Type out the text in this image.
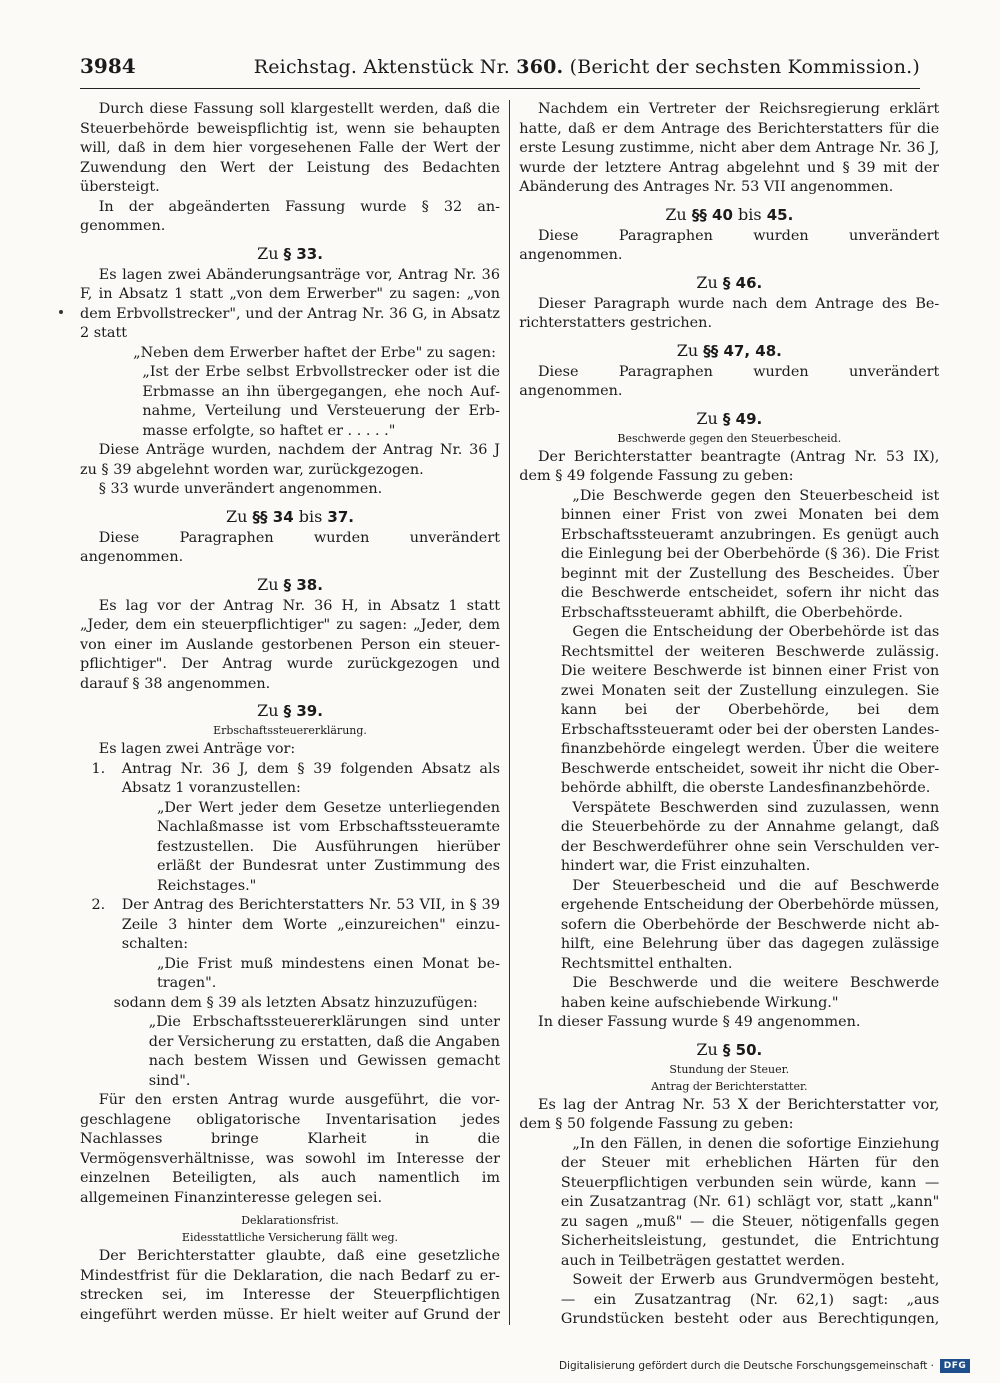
3984	Reichstag. Aktenstück Nr. 360. (Bericht der sechsten Kommission.)

Durch diese Fassung soll klargestellt werden, daß die Steuerbehörde beweispflichtig ist, wenn sie behaupten will, daß in dem hier vorgesehenen Falle der Wert der Zuwendung den Wert der Leistung des Bedachten übersteigt.

In der abgeänderten Fassung wurde § 32 angenommen.

Zu § 33.

Es lagen zwei Abänderungsanträge vor, Antrag Nr. 36 F, in Absatz 1 statt „von dem Erwerber" zu sagen: „von dem Erbvollstrecker", und der Antrag Nr. 36 G, in Absatz 2 statt

„Neben dem Erwerber haftet der Erbe" zu sagen:

„Ist der Erbe selbst Erbvollstrecker oder ist die Erbmasse an ihn übergegangen, ehe noch Aufnahme, Verteilung und Versteuerung der Erbmasse erfolgte, so haftet er . . . . ."

Diese Anträge wurden, nachdem der Antrag Nr. 36 J zu § 39 abgelehnt worden war, zurückgezogen.

§ 33 wurde unverändert angenommen.

Zu §§ 34 bis 37.

Diese Paragraphen wurden unverändert angenommen.

Zu § 38.

Es lag vor der Antrag Nr. 36 H, in Absatz 1 statt „Jeder, dem ein steuerpflichtiger" zu sagen: „Jeder, dem von einer im Auslande gestorbenen Person ein steuerpflichtiger". Der Antrag wurde zurückgezogen und darauf § 38 angenommen.

Zu § 39.
Erbschaftssteuererklärung.

Es lagen zwei Anträge vor:

1.	Antrag Nr. 36 J, dem § 39 folgenden Absatz als Absatz 1 voranzustellen:

„Der Wert jeder dem Gesetze unterliegenden Nachlaßmasse ist vom Erbschaftssteueramte festzustellen. Die Ausführungen hierüber erläßt der Bundesrat unter Zustimmung des Reichstages."

2.	Der Antrag des Berichterstatters Nr. 53 VII, in § 39 Zeile 3 hinter dem Worte „einzureichen" einzuschalten:

„Die Frist muß mindestens einen Monat betragen".

sodann dem § 39 als letzten Absatz hinzuzufügen:

„Die Erbschaftssteuererklärungen sind unter der Versicherung zu erstatten, daß die Angaben nach bestem Wissen und Gewissen gemacht sind".

Für den ersten Antrag wurde ausgeführt, die vorgeschlagene obligatorische Inventarisation jedes Nachlasses bringe Klarheit in die Vermögensverhältnisse, was sowohl im Interesse der einzelnen Beteiligten, als auch namentlich im allgemeinen Finanzinteresse gelegen sei.

Deklarationsfrist.
Eidesstattliche Versicherung fällt weg.

Der Berichterstatter glaubte, daß eine gesetzliche Mindestfrist für die Deklaration, die nach Bedarf zu erstrecken sei, im Interesse der Steuerpflichtigen eingeführt werden müsse. Er hielt weiter auf Grund der

Nachdem ein Vertreter der Reichsregierung erklärt hatte, daß er dem Antrage des Berichterstatters für die erste Lesung zustimme, nicht aber dem Antrage Nr. 36 J, wurde der letztere Antrag abgelehnt und § 39 mit der Abänderung des Antrages Nr. 53 VII angenommen.

Zu §§ 40 bis 45.

Diese Paragraphen wurden unverändert angenommen.

Zu § 46.

Dieser Paragraph wurde nach dem Antrage des Berichterstatters gestrichen.

Zu §§ 47, 48.

Diese Paragraphen wurden unverändert angenommen.

Zu § 49.
Beschwerde gegen den Steuerbescheid.

Der Berichterstatter beantragte (Antrag Nr. 53 IX), dem § 49 folgende Fassung zu geben:

„Die Beschwerde gegen den Steuerbescheid ist binnen einer Frist von zwei Monaten bei dem Erbschaftssteueramt anzubringen. Es genügt auch die Einlegung bei der Oberbehörde (§ 36). Die Frist beginnt mit der Zustellung des Bescheides. Über die Beschwerde entscheidet, sofern ihr nicht das Erbschaftssteueramt abhilft, die Oberbehörde.

Gegen die Entscheidung der Oberbehörde ist das Rechtsmittel der weiteren Beschwerde zulässig. Die weitere Beschwerde ist binnen einer Frist von zwei Monaten seit der Zustellung einzulegen. Sie kann bei der Oberbehörde, bei dem Erbschaftssteueramt oder bei der obersten Landesfinanzbehörde eingelegt werden. Über die weitere Beschwerde entscheidet, soweit ihr nicht die Oberbehörde abhilft, die oberste Landesfinanzbehörde.

Verspätete Beschwerden sind zuzulassen, wenn die Steuerbehörde zu der Annahme gelangt, daß der Beschwerdeführer ohne sein Verschulden verhindert war, die Frist einzuhalten.

Der Steuerbescheid und die auf Beschwerde ergehende Entscheidung der Oberbehörde müssen, sofern die Oberbehörde der Beschwerde nicht abhilft, eine Belehrung über das dagegen zulässige Rechtsmittel enthalten.

Die Beschwerde und die weitere Beschwerde haben keine aufschiebende Wirkung."

In dieser Fassung wurde § 49 angenommen.

Zu § 50.
Stundung der Steuer.
Antrag der Berichterstatter.

Es lag der Antrag Nr. 53 X der Berichterstatter vor, dem § 50 folgende Fassung zu geben:

„In den Fällen, in denen die sofortige Einziehung der Steuer mit erheblichen Härten für den Steuerpflichtigen verbunden sein würde, kann — ein Zusatzantrag (Nr. 61) schlägt vor, statt „kann" zu sagen „muß" — die Steuer, nötigenfalls gegen Sicherheitsleistung, gestundet, die Entrichtung auch in Teilbeträgen gestattet werden.

Soweit der Erwerb aus Grundvermögen besteht, — ein Zusatzantrag (Nr. 62,1) sagt: „aus Grundstücken besteht oder aus Berechtigungen,

Digitalisierung gefördert durch die Deutsche Forschungsgemeinschaft ·	DFG
